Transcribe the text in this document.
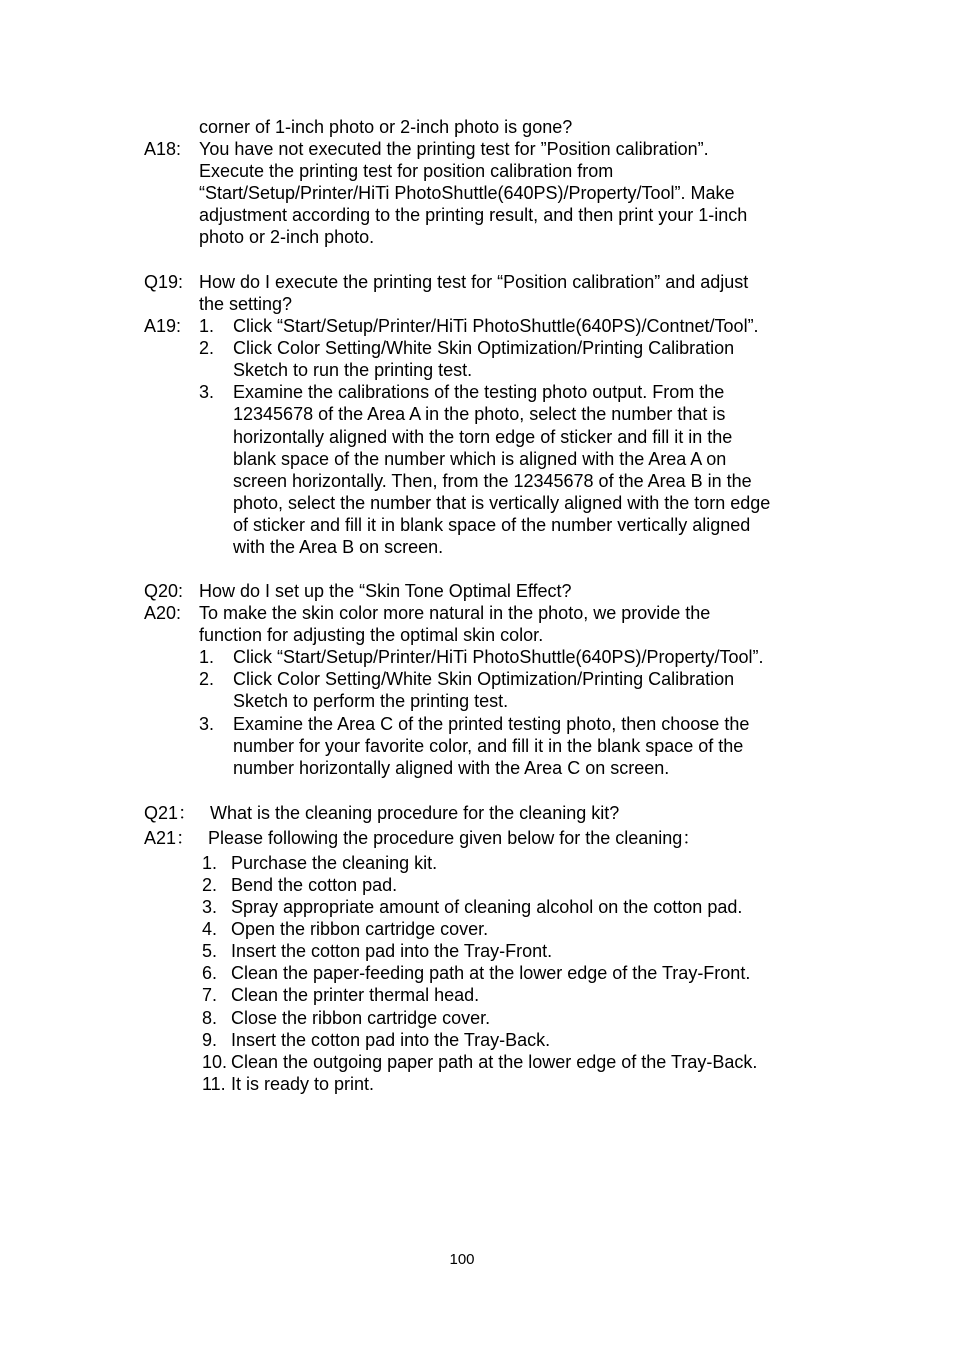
corner of 1-inch photo or 2-inch photo is gone?
A18: You have not executed the printing test for ”Position calibration”.
Execute the printing test for position calibration from
“Start/Setup/Printer/HiTi PhotoShuttle(640PS)/Property/Tool”. Make
adjustment according to the printing result, and then print your 1-inch
photo or 2-inch photo.
Q19: How do I execute the printing test for “Position calibration” and adjust
the setting?
A19: 1. Click “Start/Setup/Printer/HiTi PhotoShuttle(640PS)/Contnet/Tool”.
2. Click Color Setting/White Skin Optimization/Printing Calibration
Sketch to run the printing test.
3. Examine the calibrations of the testing photo output. From the
12345678 of the Area A in the photo, select the number that is
horizontally aligned with the torn edge of sticker and fill it in the
blank space of the number which is aligned with the Area A on
screen horizontally. Then, from the 12345678 of the Area B in the
photo, select the number that is vertically aligned with the torn edge
of sticker and fill it in blank space of the number vertically aligned
with the Area B on screen.
Q20: How do I set up the “Skin Tone Optimal Effect?
A20: To make the skin color more natural in the photo, we provide the
function for adjusting the optimal skin color.
1. Click “Start/Setup/Printer/HiTi PhotoShuttle(640PS)/Property/Tool”.
2. Click Color Setting/White Skin Optimization/Printing Calibration
Sketch to perform the printing test.
3. Examine the Area C of the printed testing photo, then choose the
number for your favorite color, and fill it in the blank space of the
number horizontally aligned with the Area C on screen.
Q21： What is the cleaning procedure for the cleaning kit?
A21： Please following the procedure given below for the cleaning：
1. Purchase the cleaning kit.
2. Bend the cotton pad.
3. Spray appropriate amount of cleaning alcohol on the cotton pad.
4. Open the ribbon cartridge cover.
5. Insert the cotton pad into the Tray-Front.
6. Clean the paper-feeding path at the lower edge of the Tray-Front.
7. Clean the printer thermal head.
8. Close the ribbon cartridge cover.
9. Insert the cotton pad into the Tray-Back.
10. Clean the outgoing paper path at the lower edge of the Tray-Back.
11. It is ready to print.
100
